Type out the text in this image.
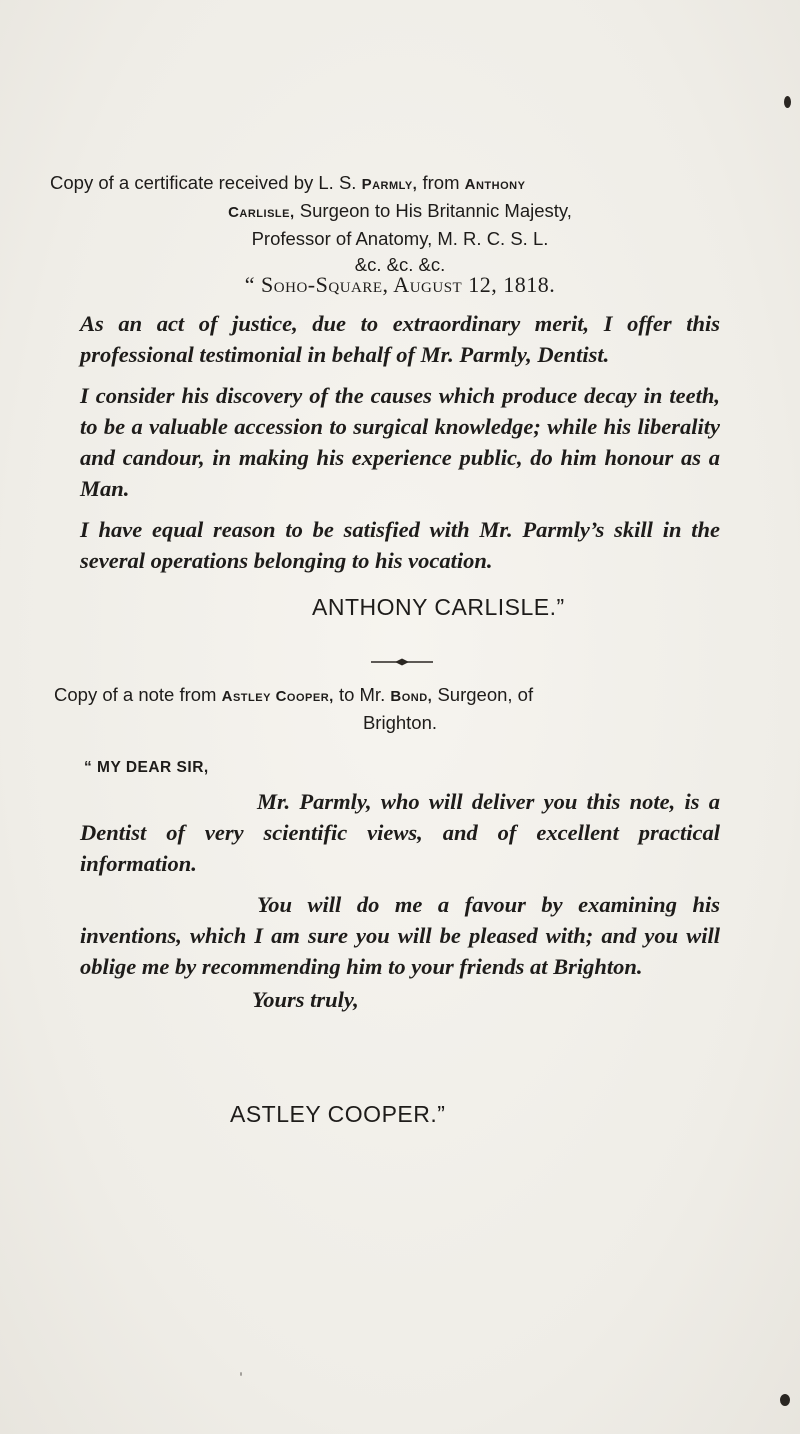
Copy of a certificate received by L. S. Parmly, from Anthony
Carlisle, Surgeon to His Britannic Majesty,
Professor of Anatomy, M. R. C. S. L.
&c. &c. &c.
“ Soho-Square, August 12, 1818.

As an act of justice, due to extraordinary merit, I offer this professional testimonial in behalf of Mr. Parmly, Dentist.

I consider his discovery of the causes which produce decay in teeth, to be a valuable accession to surgical knowledge; while his liberality and candour, in making his experience public, do him honour as a Man.

I have equal reason to be satisfied with Mr. Parmly’s skill in the several operations belonging to his vocation.

ANTHONY CARLISLE.”
Copy of a note from Astley Cooper, to Mr. Bond, Surgeon, of
Brighton.
“ MY DEAR SIR,

Mr. Parmly, who will deliver you this note, is a Dentist of very scientific views, and of excellent practical information.

You will do me a favour by examining his inventions, which I am sure you will be pleased with; and you will oblige me by recommending him to your friends at Brighton.

Yours truly,

ASTLEY COOPER.”
